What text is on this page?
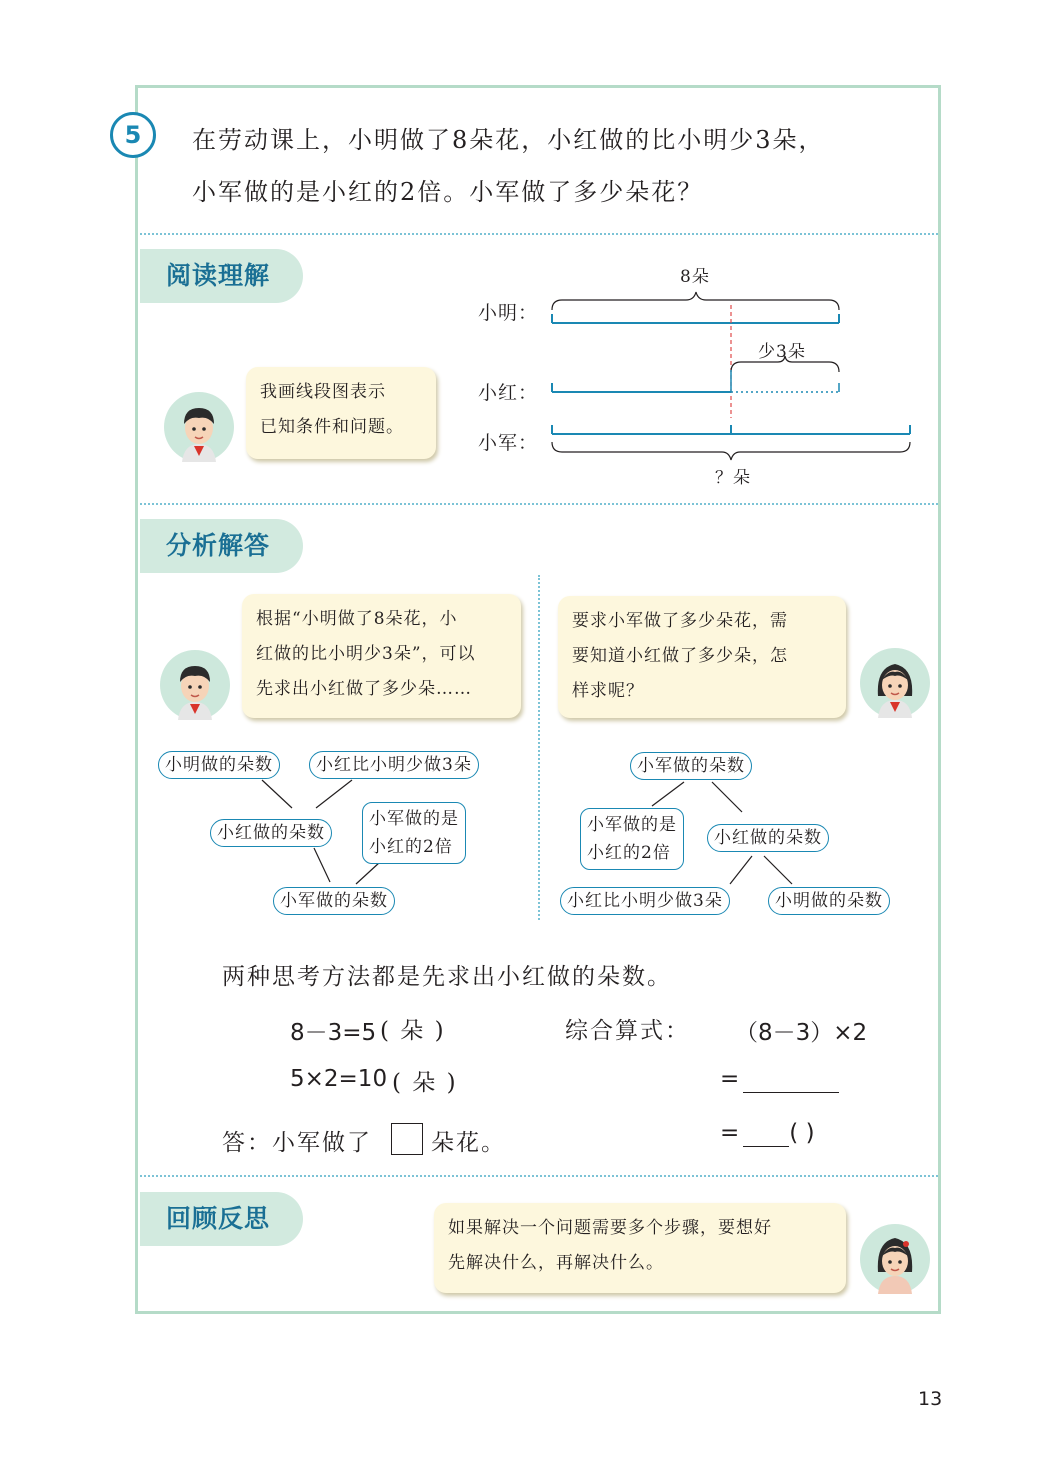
5	在劳动课上，小明做了8朵花，小红做的比小明少3朵，
小军做的是小红的2倍。小军做了多少朵花？
阅读理解
我画线段图表示
已知条件和问题。
8朵
小明：
少3朵
小红：
小军：
？朵
分析解答
根据“小明做了8朵花，小
红做的比小明少3朵”，可以
先求出小红做了多少朵……
要求小军做了多少朵花，需
要知道小红做了多少朵，怎
样求呢？
小明做的朵数	小红比小明少做3朵
小红做的朵数
小军做的是
小红的2倍
小军做的朵数
小军做的朵数
小军做的是
小红的2倍
小红做的朵数
小红比小明少做3朵	小明做的朵数
两种思考方法都是先求出小红做的朵数。
8－3=5 ( 朵 )
5×2=10 ( 朵 )
综合算式： （8－3）×2
=
= ( )
答：小军做了	朵花。
回顾反思	如果解决一个问题需要多个步骤，要想好
先解决什么，再解决什么。
13
